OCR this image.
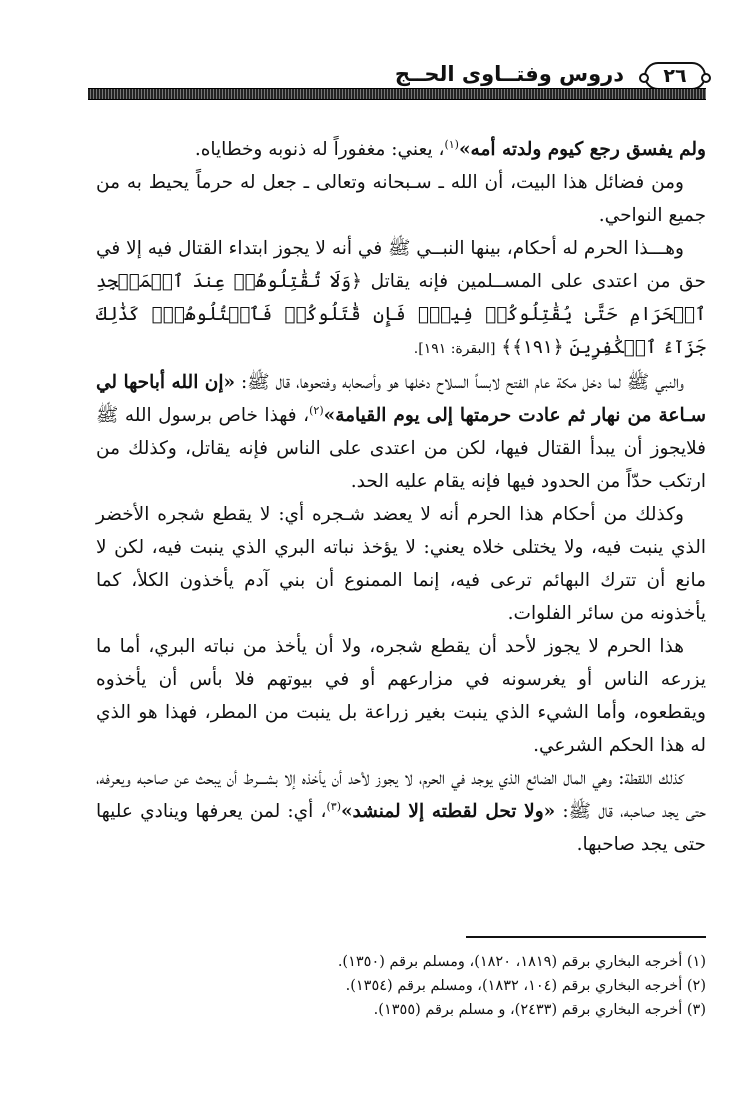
٢٦
دروس وفتــاوى الحــج

ولم يفسق رجع كيوم ولدته أمه»$^{(١)}$، يعني: مغفوراً له ذنوبه وخطاياه.

ومن فضائل هذا البيت، أن الله ـ سـبحانه وتعالى ـ جعل له حرماً يحيط به من جميع النواحي.

وهـــذا الحرم له أحكام، بينها النبــي ﷺ في أنه لا يجوز ابتداء القتال فيه إلا في حق من اعتدى على المســلمين فإنه يقاتل ﴿وَلَا تُقَٰتِلُوهُمۡ عِندَ ٱلۡمَسۡجِدِ ٱلۡحَرَامِ حَتَّىٰ يُقَٰتِلُوكُمۡ فِيهِۖ فَإِن قَٰتَلُوكُمۡ فَٱقۡتُلُوهُمۡۗ كَذَٰلِكَ جَزَآءُ ٱلۡكَٰفِرِينَ ﴿١٩١﴾﴾ [البقرة: ١٩١].

والنبي ﷺ لما دخل مكة عام الفتح لابساً السلاح دخلها هو وأصحابه وفتحوها، قال ﷺ: «إن الله أباحها لي سـاعة من نهار ثم عادت حرمتها إلى يوم القيامة»$^{(٢)}$، فهذا خاص برسول الله ﷺ فلايجوز أن يبدأ القتال فيها، لكن من اعتدى على الناس فإنه يقاتل، وكذلك من ارتكب حدّاً من الحدود فيها فإنه يقام عليه الحد.

وكذلك من أحكام هذا الحرم أنه لا يعضد شـجره أي: لا يقطع شجره الأخضر الذي ينبت فيه، ولا يختلى خلاه يعني: لا يؤخذ نباته البري الذي ينبت فيه، لكن لا مانع أن تترك البهائم ترعى فيه، إنما الممنوع أن بني آدم يأخذون الكلأ، كما يأخذونه من سائر الفلوات.

هذا الحرم لا يجوز لأحد أن يقطع شجره، ولا أن يأخذ من نباته البري، أما ما يزرعه الناس أو يغرسونه في مزارعهم أو في بيوتهم فلا بأس أن يأخذوه ويقطعوه، وأما الشيء الذي ينبت بغير زراعة بل ينبت من المطر، فهذا هو الذي له هذا الحكم الشرعي.

كذلك اللقطة: وهي المال الضائع الذي يوجد في الحرم، لا يجوز لأحد أن يأخذه إلا بشـــرط أن يبحث عن صاحبه ويعرفه، حتى يجد صاحبه، قال ﷺ: «ولا تحل لقطته إلا لمنشد»$^{(٣)}$، أي: لمن يعرفها وينادي عليها حتى يجد صاحبها.

(١) أخرجه البخاري برقم (١٨١٩، ١٨٢٠)، ومسلم برقم (١٣٥٠).

(٢) أخرجه البخاري برقم (١٠٤، ١٨٣٢)، ومسلم برقم (١٣٥٤).

(٣) أخرجه البخاري برقم (٢٤٣٣)، و مسلم برقم (١٣٥٥).
